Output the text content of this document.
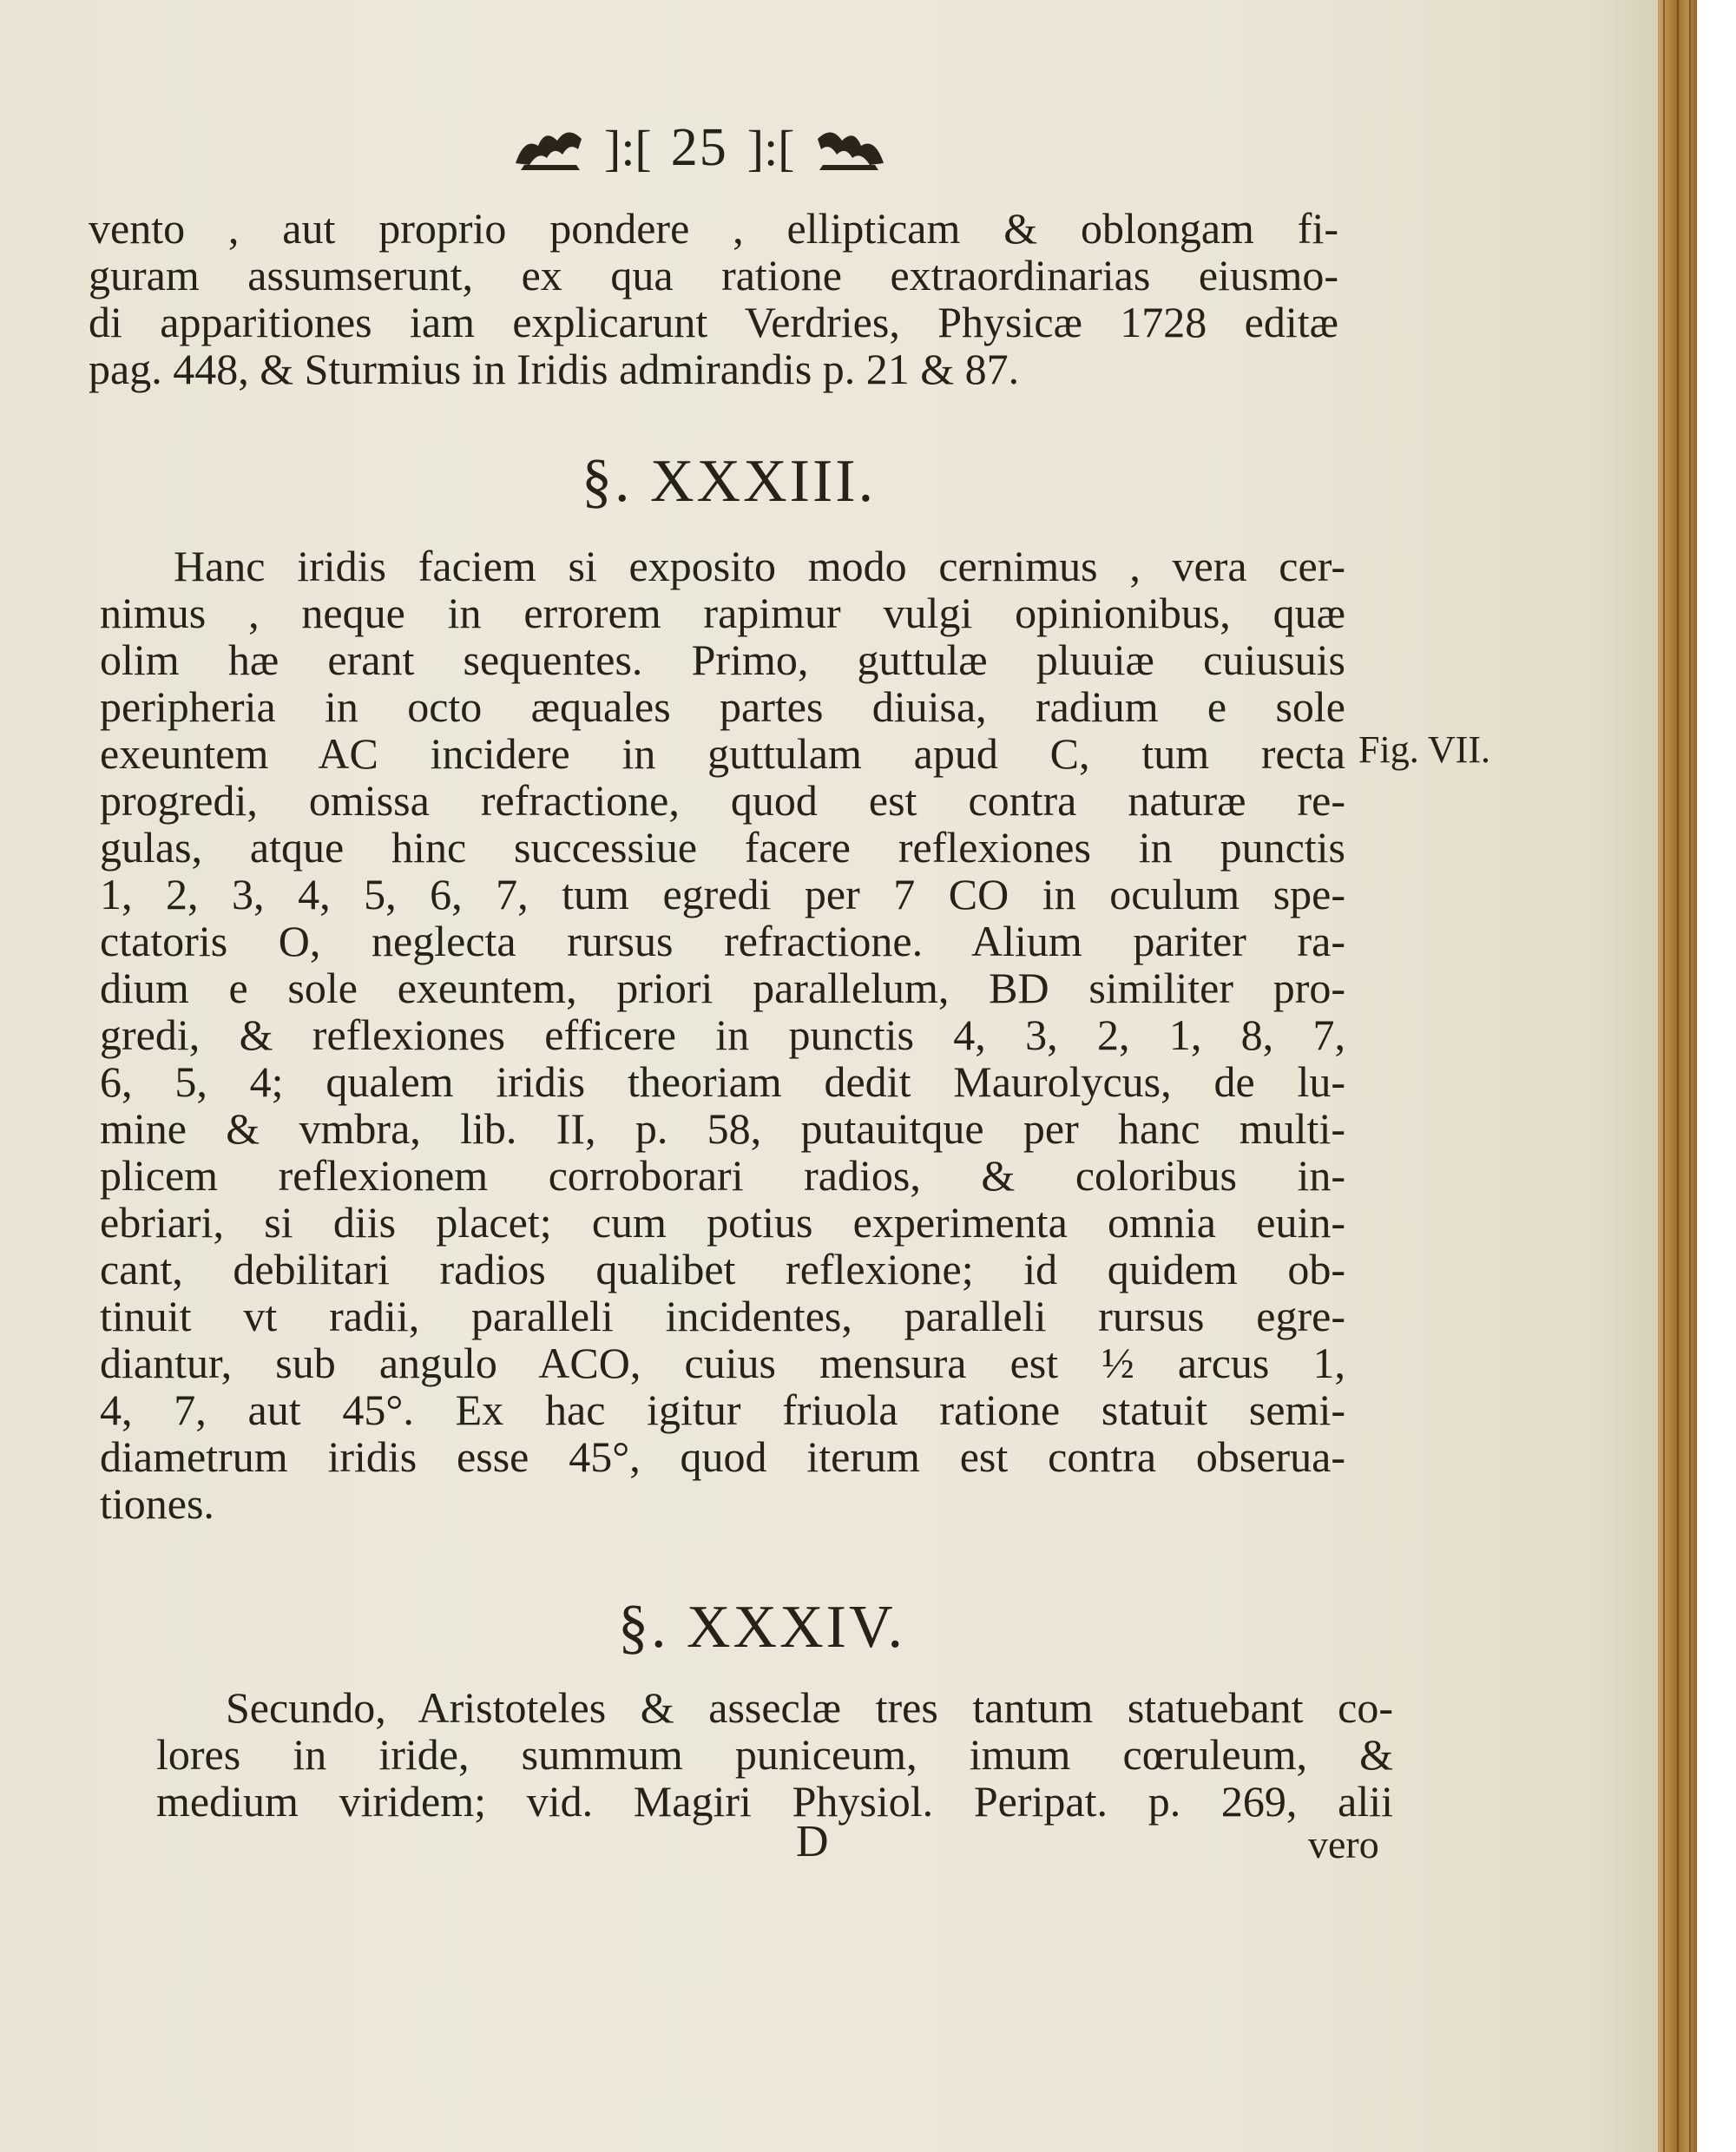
]:[ 25 ]:[
vento , aut proprio pondere , ellipticam & oblongam fi-
guram assumserunt, ex qua ratione extraordinarias eiusmo-
di apparitiones iam explicarunt Verdries, Physicæ 1728 editæ
pag. 448, & Sturmius in Iridis admirandis p. 21 & 87.
§. XXXIII.
Hanc iridis faciem si exposito modo cernimus , vera cer-
nimus , neque in errorem rapimur vulgi opinionibus, quæ
olim hæ erant sequentes. Primo, guttulæ pluuiæ cuiusuis
peripheria in octo æquales partes diuisa, radium e sole
exeuntem AC incidere in guttulam apud C, tum recta
progredi, omissa refractione, quod est contra naturæ re-
gulas, atque hinc successiue facere reflexiones in punctis
1, 2, 3, 4, 5, 6, 7, tum egredi per 7 CO in oculum spe-
ctatoris O, neglecta rursus refractione. Alium pariter ra-
dium e sole exeuntem, priori parallelum, BD similiter pro-
gredi, & reflexiones efficere in punctis 4, 3, 2, 1, 8, 7,
6, 5, 4; qualem iridis theoriam dedit Maurolycus, de lu-
mine & vmbra, lib. II, p. 58, putauitque per hanc multi-
plicem reflexionem corroborari radios, & coloribus in-
ebriari, si diis placet; cum potius experimenta omnia euin-
cant, debilitari radios qualibet reflexione; id quidem ob-
tinuit vt radii, paralleli incidentes, paralleli rursus egre-
diantur, sub angulo ACO, cuius mensura est ½ arcus 1,
4, 7, aut 45°. Ex hac igitur friuola ratione statuit semi-
diametrum iridis esse 45°, quod iterum est contra obserua-
tiones.
Fig. VII.
§. XXXIV.
Secundo, Aristoteles & asseclæ tres tantum statuebant co-
lores in iride, summum puniceum, imum cœruleum, &
medium viridem; vid. Magiri Physiol. Peripat. p. 269, alii
D	vero
